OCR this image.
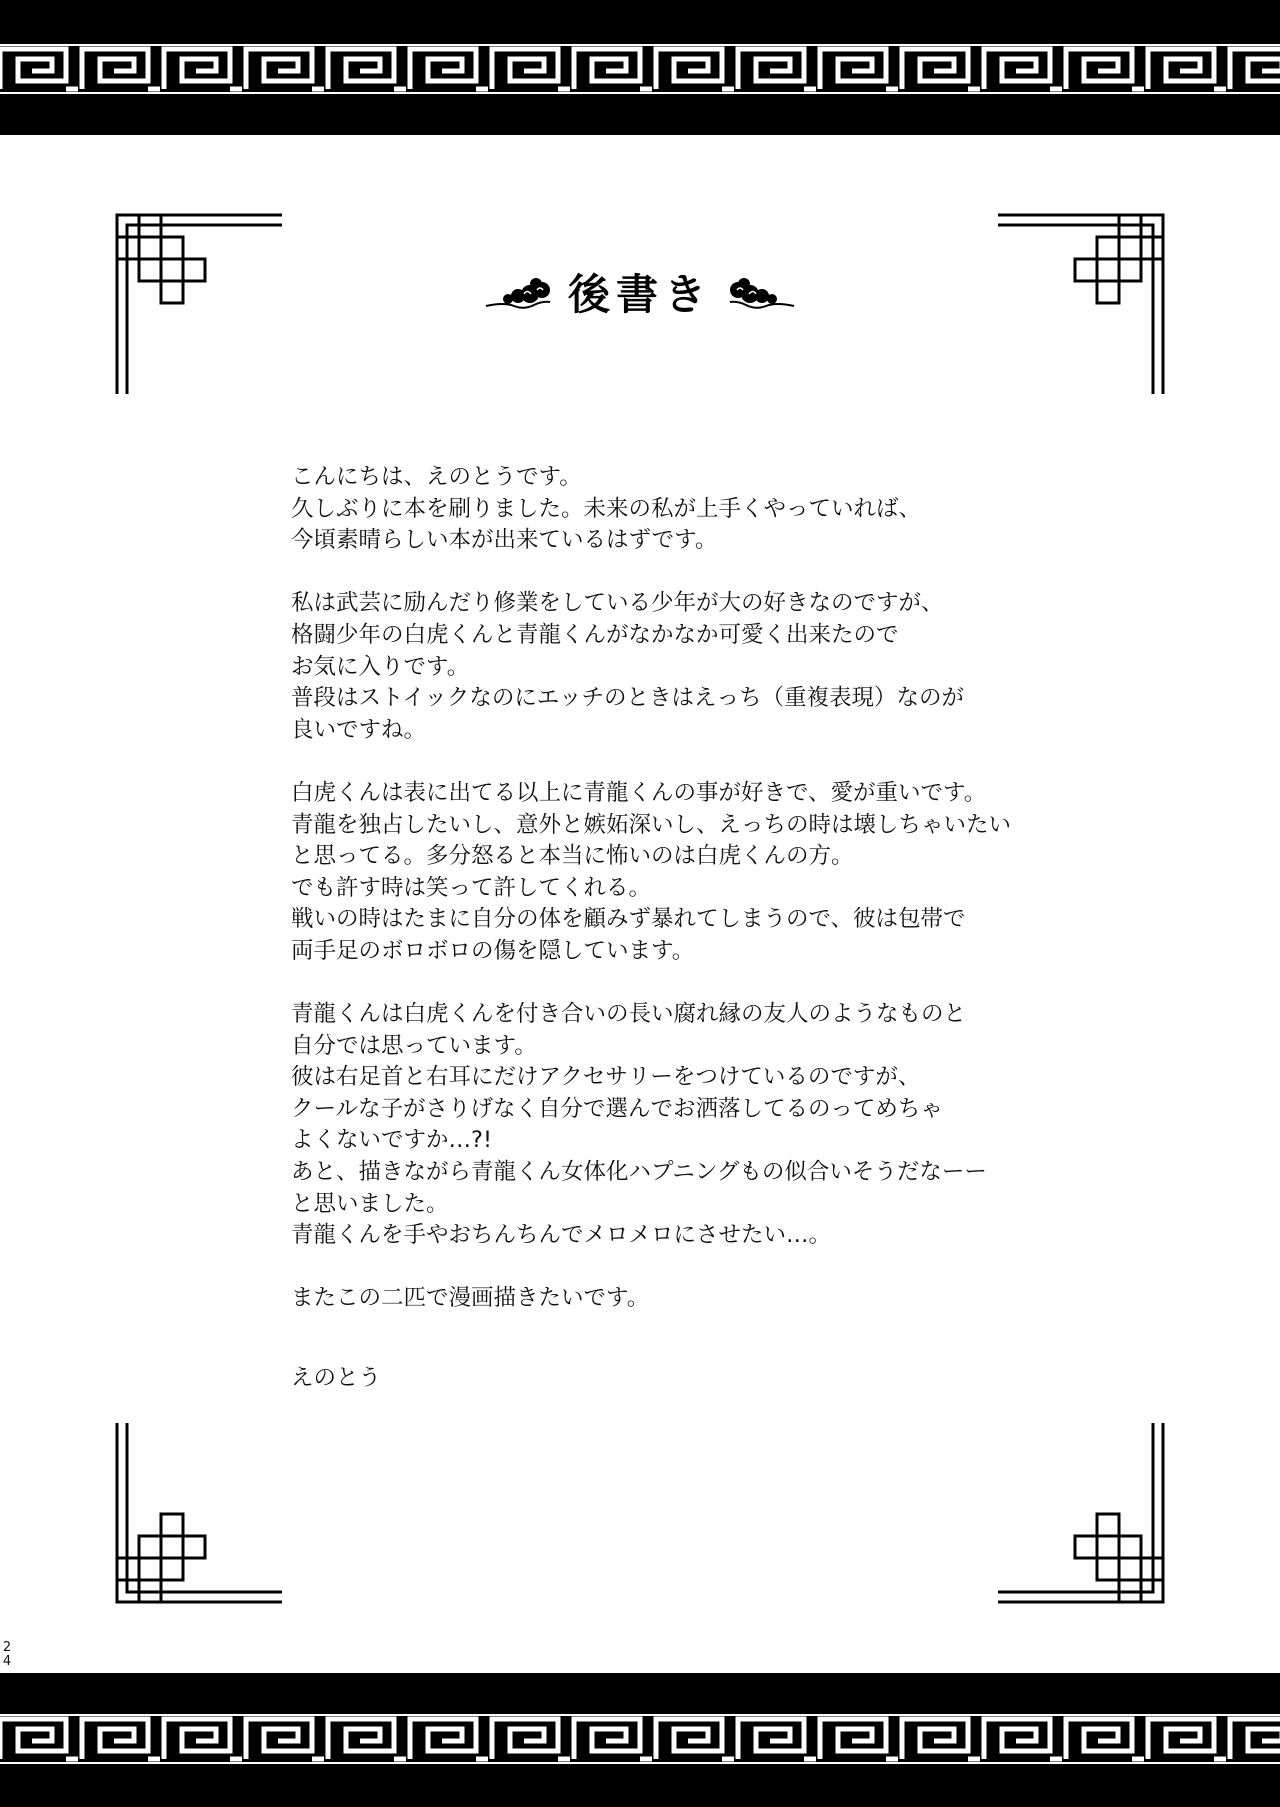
後書き
こんにちは、えのとうです。
久しぶりに本を刷りました。未来の私が上手くやっていれば、
今頃素晴らしい本が出来ているはずです。
私は武芸に励んだり修業をしている少年が大の好きなのですが、
格闘少年の白虎くんと青龍くんがなかなか可愛く出来たので
お気に入りです。
普段はストイックなのにエッチのときはえっち（重複表現）なのが
良いですね。
白虎くんは表に出てる以上に青龍くんの事が好きで、愛が重いです。
青龍を独占したいし、意外と嫉妬深いし、えっちの時は壊しちゃいたい
と思ってる。多分怒ると本当に怖いのは白虎くんの方。
でも許す時は笑って許してくれる。
戦いの時はたまに自分の体を顧みず暴れてしまうので、彼は包帯で
両手足のボロボロの傷を隠しています。
青龍くんは白虎くんを付き合いの長い腐れ縁の友人のようなものと
自分では思っています。
彼は右足首と右耳にだけアクセサリーをつけているのですが、
クールな子がさりげなく自分で選んでお洒落してるのってめちゃ
よくないですか…?!
あと、描きながら青龍くん女体化ハプニングもの似合いそうだなーー
と思いました。
青龍くんを手やおちんちんでメロメロにさせたい…。
またこの二匹で漫画描きたいです。
えのとう
2
4
